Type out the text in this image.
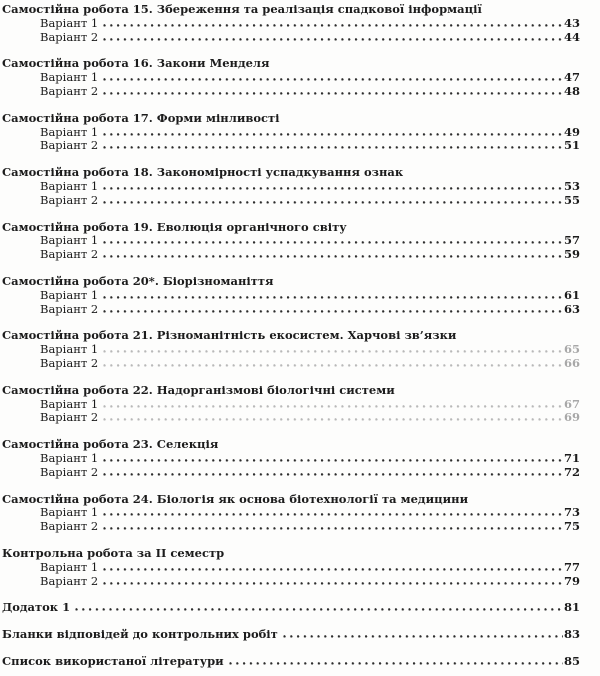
Самостійна робота 15. Збереження та реалізація спадкової інформації
Варіант 1	43
Варіант 2	44
Самостійна робота 16. Закони Менделя
Варіант 1	47
Варіант 2	48
Самостійна робота 17. Форми мінливості
Варіант 1	49
Варіант 2	51
Самостійна робота 18. Закономірності успадкування ознак
Варіант 1	53
Варіант 2	55
Самостійна робота 19. Еволюція органічного світу
Варіант 1	57
Варіант 2	59
Самостійна робота 20*. Біорізноманіття
Варіант 1	61
Варіант 2	63
Самостійна робота 21. Різноманітність екосистем. Харчові зв’язки
Варіант 1	65
Варіант 2	66
Самостійна робота 22. Надорганізмові біологічні системи
Варіант 1	67
Варіант 2	69
Самостійна робота 23. Селекція
Варіант 1	71
Варіант 2	72
Самостійна робота 24. Біологія як основа біотехнології та медицини
Варіант 1	73
Варіант 2	75
Контрольна робота за ІІ семестр
Варіант 1	77
Варіант 2	79
Додаток 1	81
Бланки відповідей до контрольних робіт	83
Список використаної літератури	85
